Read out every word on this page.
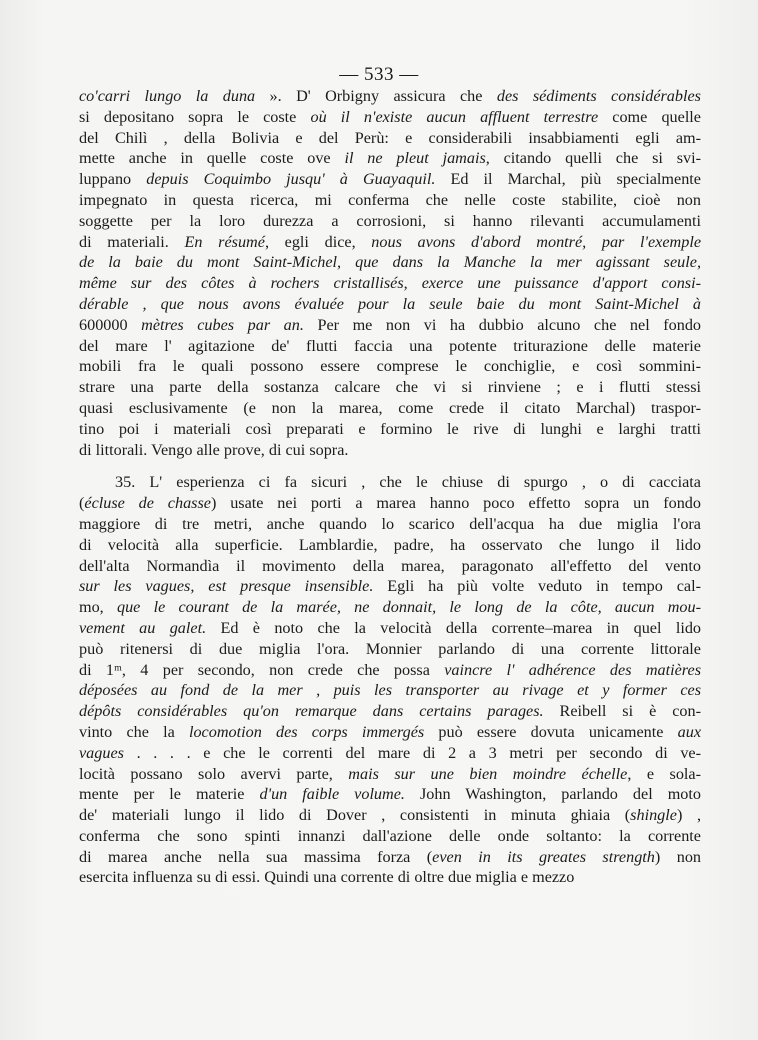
— 533 —
co'carri lungo la duna ». D' Orbigny assicura che des sédiments considérables
si depositano sopra le coste où il n'existe aucun affluent terrestre come quelle
del Chilì , della Bolivia e del Perù: e considerabili insabbiamenti egli am-
mette anche in quelle coste ove il ne pleut jamais, citando quelli che si svi-
luppano depuis Coquimbo jusqu' à Guayaquil. Ed il Marchal, più specialmente
impegnato in questa ricerca, mi conferma che nelle coste stabilite, cioè non
soggette per la loro durezza a corrosioni, si hanno rilevanti accumulamenti
di materiali. En résumé, egli dice, nous avons d'abord montré, par l'exemple
de la baie du mont Saint-Michel, que dans la Manche la mer agissant seule,
même sur des côtes à rochers cristallisés, exerce une puissance d'apport consi-
dérable , que nous avons évaluée pour la seule baie du mont Saint-Michel à
600000 mètres cubes par an. Per me non vi ha dubbio alcuno che nel fondo
del mare l' agitazione de' flutti faccia una potente triturazione delle materie
mobili fra le quali possono essere comprese le conchiglie, e così sommini-
strare una parte della sostanza calcare che vi si rinviene ; e i flutti stessi
quasi esclusivamente (e non la marea, come crede il citato Marchal) traspor-
tino poi i materiali così preparati e formino le rive di lunghi e larghi tratti
di littorali. Vengo alle prove, di cui sopra.
35. L' esperienza ci fa sicuri , che le chiuse di spurgo , o di cacciata
(écluse de chasse) usate nei porti a marea hanno poco effetto sopra un fondo
maggiore di tre metri, anche quando lo scarico dell'acqua ha due miglia l'ora
di velocità alla superficie. Lamblardie, padre, ha osservato che lungo il lido
dell'alta Normandìa il movimento della marea, paragonato all'effetto del vento
sur les vagues, est presque insensible. Egli ha più volte veduto in tempo cal-
mo, que le courant de la marée, ne donnait, le long de la côte, aucun mou-
vement au galet. Ed è noto che la velocità della corrente–marea in quel lido
può ritenersi di due miglia l'ora. Monnier parlando di una corrente littorale
di 1ᵐ, 4 per secondo, non crede che possa vaincre l' adhérence des matières
déposées au fond de la mer , puis les transporter au rivage et y former ces
dépôts considérables qu'on remarque dans certains parages. Reibell si è con-
vinto che la locomotion des corps immergés può essere dovuta unicamente aux
vagues . . . . e che le correnti del mare di 2 a 3 metri per secondo di ve-
locità possano solo avervi parte, mais sur une bien moindre échelle, e sola-
mente per le materie d'un faible volume. John Washington, parlando del moto
de' materiali lungo il lido di Dover , consistenti in minuta ghiaia (shingle) ,
conferma che sono spinti innanzi dall'azione delle onde soltanto: la corrente
di marea anche nella sua massima forza (even in its greates strength) non
esercita influenza su di essi. Quindi una corrente di oltre due miglia e mezzo
